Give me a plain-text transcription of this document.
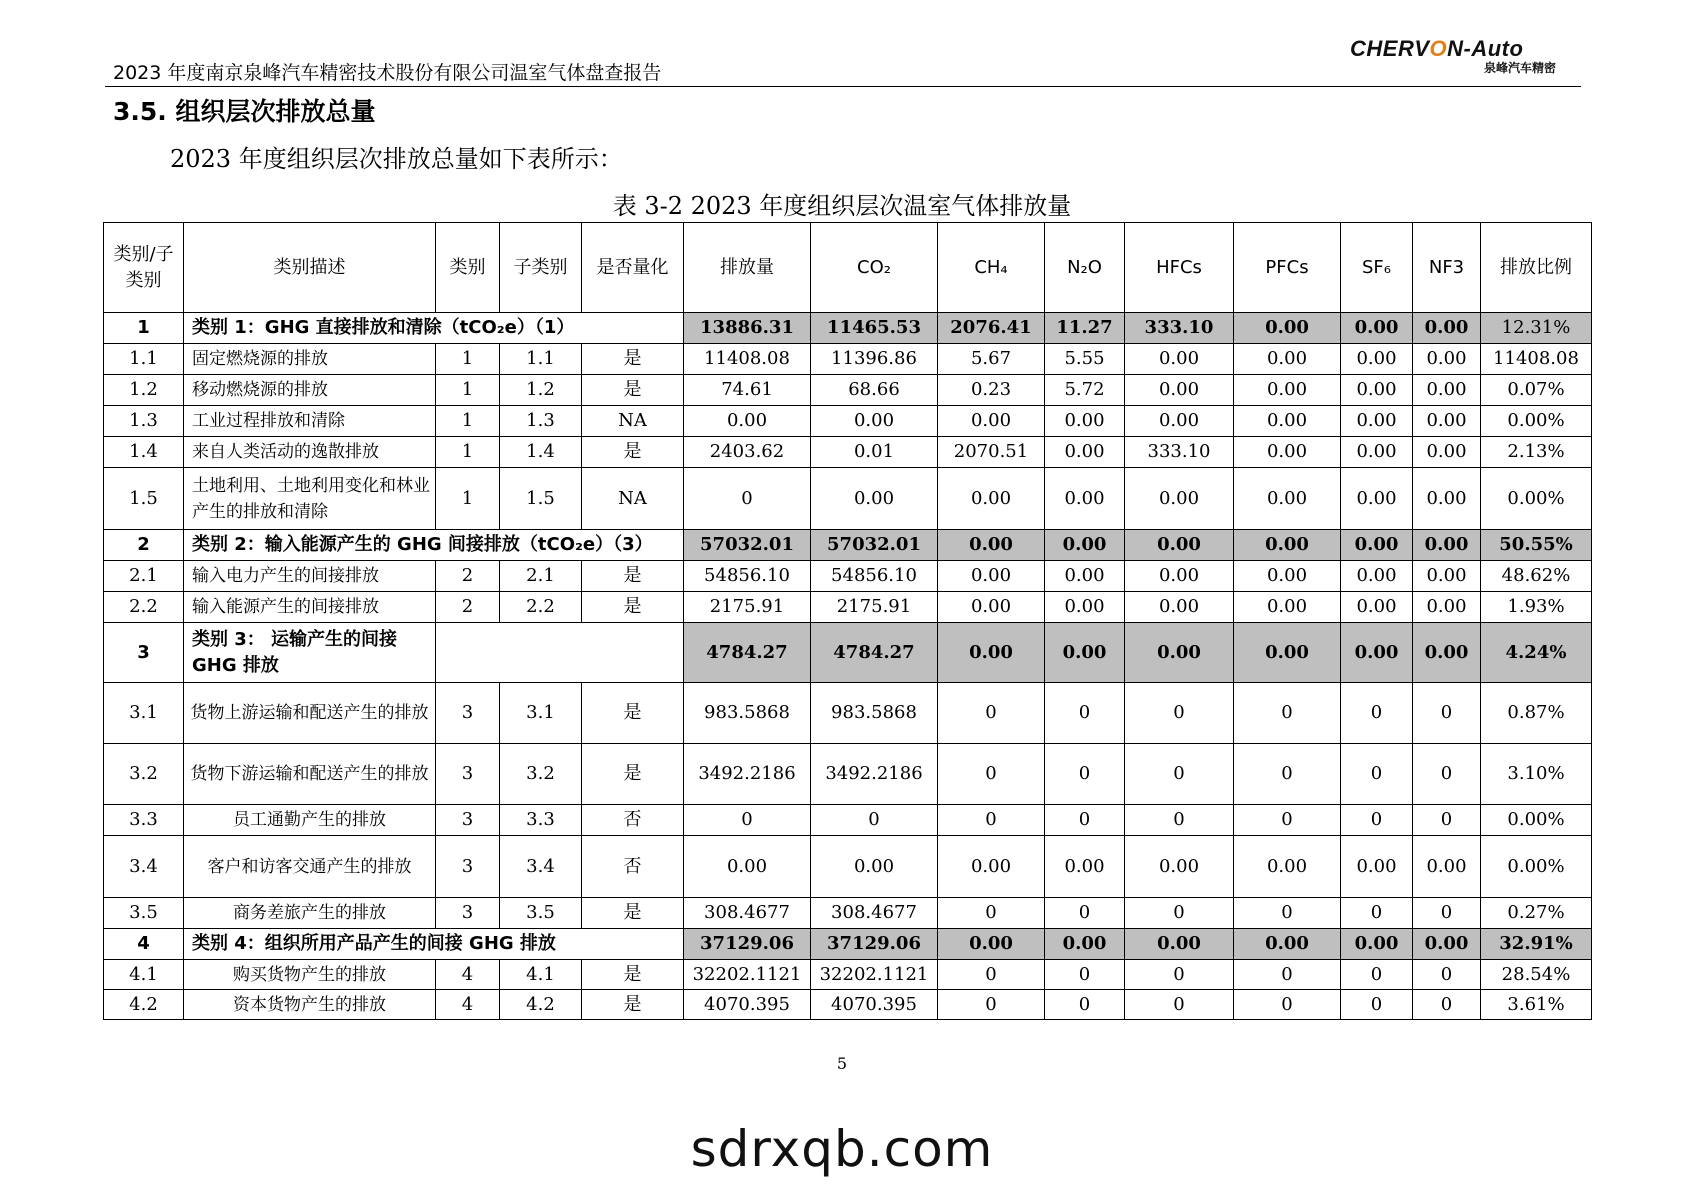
2023 年度南京泉峰汽车精密技术股份有限公司温室气体盘查报告
CHERVON-Auto
泉峰汽车精密
3.5. 组织层次排放总量
2023 年度组织层次排放总量如下表所示：
表 3-2 2023 年度组织层次温室气体排放量
类别/子类别	类别描述	类别	子类别	是否量化	排放量	CO₂	CH₄	N₂O	HFCs	PFCs	SF₆	NF3	排放比例
1	类别 1：GHG 直接排放和清除（tCO₂e）（1）				13886.31	11465.53	2076.41	11.27	333.10	0.00	0.00	0.00	12.31%
1.1	固定燃烧源的排放	1	1.1	是	11408.08	11396.86	5.67	5.55	0.00	0.00	0.00	0.00	11408.08
1.2	移动燃烧源的排放	1	1.2	是	74.61	68.66	0.23	5.72	0.00	0.00	0.00	0.00	0.07%
1.3	工业过程排放和清除	1	1.3	NA	0.00	0.00	0.00	0.00	0.00	0.00	0.00	0.00	0.00%
1.4	来自人类活动的逸散排放	1	1.4	是	2403.62	0.01	2070.51	0.00	333.10	0.00	0.00	0.00	2.13%
1.5	土地利用、土地利用变化和林业产生的排放和清除	1	1.5	NA	0	0.00	0.00	0.00	0.00	0.00	0.00	0.00	0.00%
2	类别 2：输入能源产生的 GHG 间接排放（tCO₂e）（3）				57032.01	57032.01	0.00	0.00	0.00	0.00	0.00	0.00	50.55%
2.1	输入电力产生的间接排放	2	2.1	是	54856.10	54856.10	0.00	0.00	0.00	0.00	0.00	0.00	48.62%
2.2	输入能源产生的间接排放	2	2.2	是	2175.91	2175.91	0.00	0.00	0.00	0.00	0.00	0.00	1.93%
3	类别 3： 运输产生的间接 GHG 排放				4784.27	4784.27	0.00	0.00	0.00	0.00	0.00	0.00	4.24%
3.1	货物上游运输和配送产生的排放	3	3.1	是	983.5868	983.5868	0	0	0	0	0	0	0.87%
3.2	货物下游运输和配送产生的排放	3	3.2	是	3492.2186	3492.2186	0	0	0	0	0	0	3.10%
3.3	员工通勤产生的排放	3	3.3	否	0	0	0	0	0	0	0	0	0.00%
3.4	客户和访客交通产生的排放	3	3.4	否	0.00	0.00	0.00	0.00	0.00	0.00	0.00	0.00	0.00%
3.5	商务差旅产生的排放	3	3.5	是	308.4677	308.4677	0	0	0	0	0	0	0.27%
4	类别 4：组织所用产品产生的间接 GHG 排放				37129.06	37129.06	0.00	0.00	0.00	0.00	0.00	0.00	32.91%
4.1	购买货物产生的排放	4	4.1	是	32202.1121	32202.1121	0	0	0	0	0	0	28.54%
4.2	资本货物产生的排放	4	4.2	是	4070.395	4070.395	0	0	0	0	0	0	3.61%
5
sdrxqb.com
